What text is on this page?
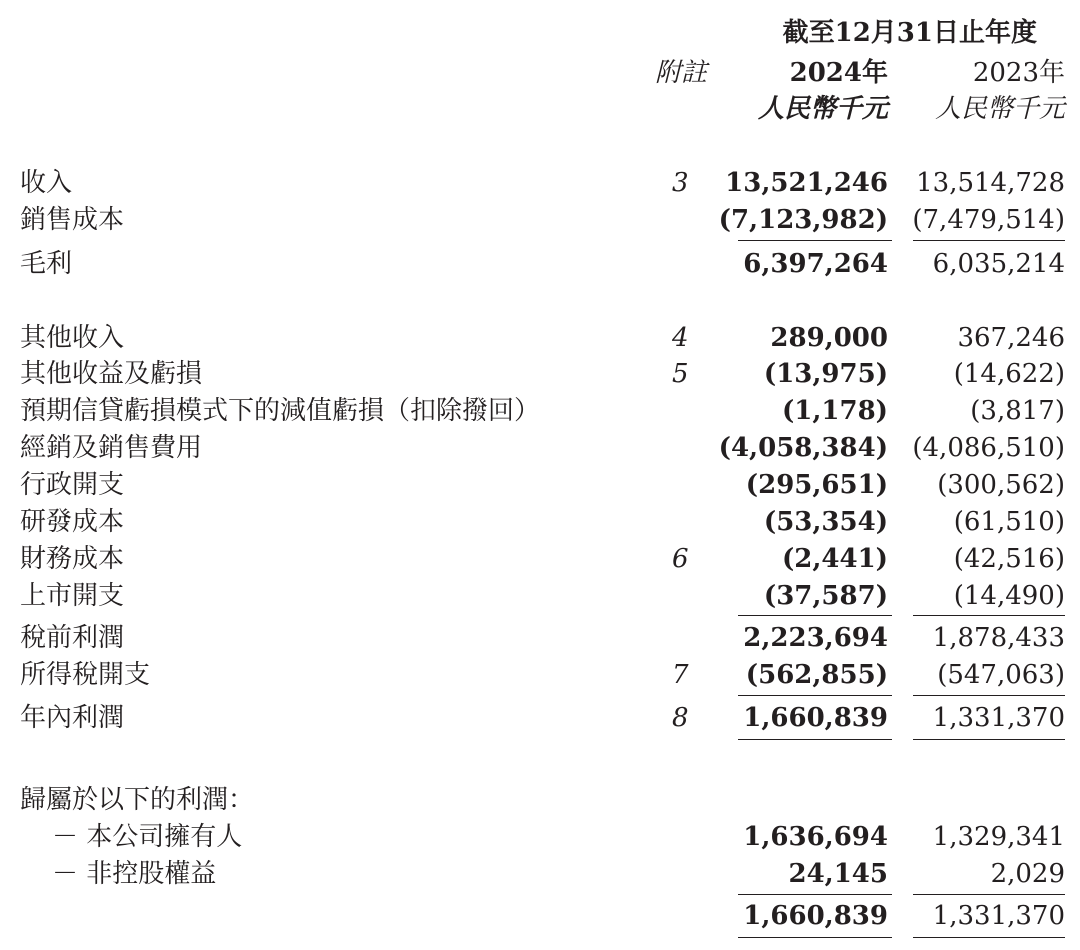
截至12月31日止年度
附註	2024年	2023年
人民幣千元 人民幣千元
收入	3 13,521,246 13,514,728
銷售成本	(7,123,982) (7,479,514)
毛利	6,397,264 6,035,214
其他收入	4	289,000	367,246
其他收益及虧損	5	(13,975)	(14,622)
預期信貸虧損模式下的減值虧損（扣除撥回）	(1,178)	(3,817)
經銷及銷售費用	(4,058,384) (4,086,510)
行政開支	(295,651) (300,562)
研發成本	(53,354)	(61,510)
財務成本	6	(2,441)	(42,516)
上市開支	(37,587)	(14,490)
稅前利潤	2,223,694 1,878,433
所得稅開支	7 (562,855) (547,063)
年內利潤	8 1,660,839 1,331,370
歸屬於以下的利潤：
－ 本公司擁有人	1,636,694 1,329,341
－ 非控股權益	24,145	2,029
1,660,839 1,331,370
